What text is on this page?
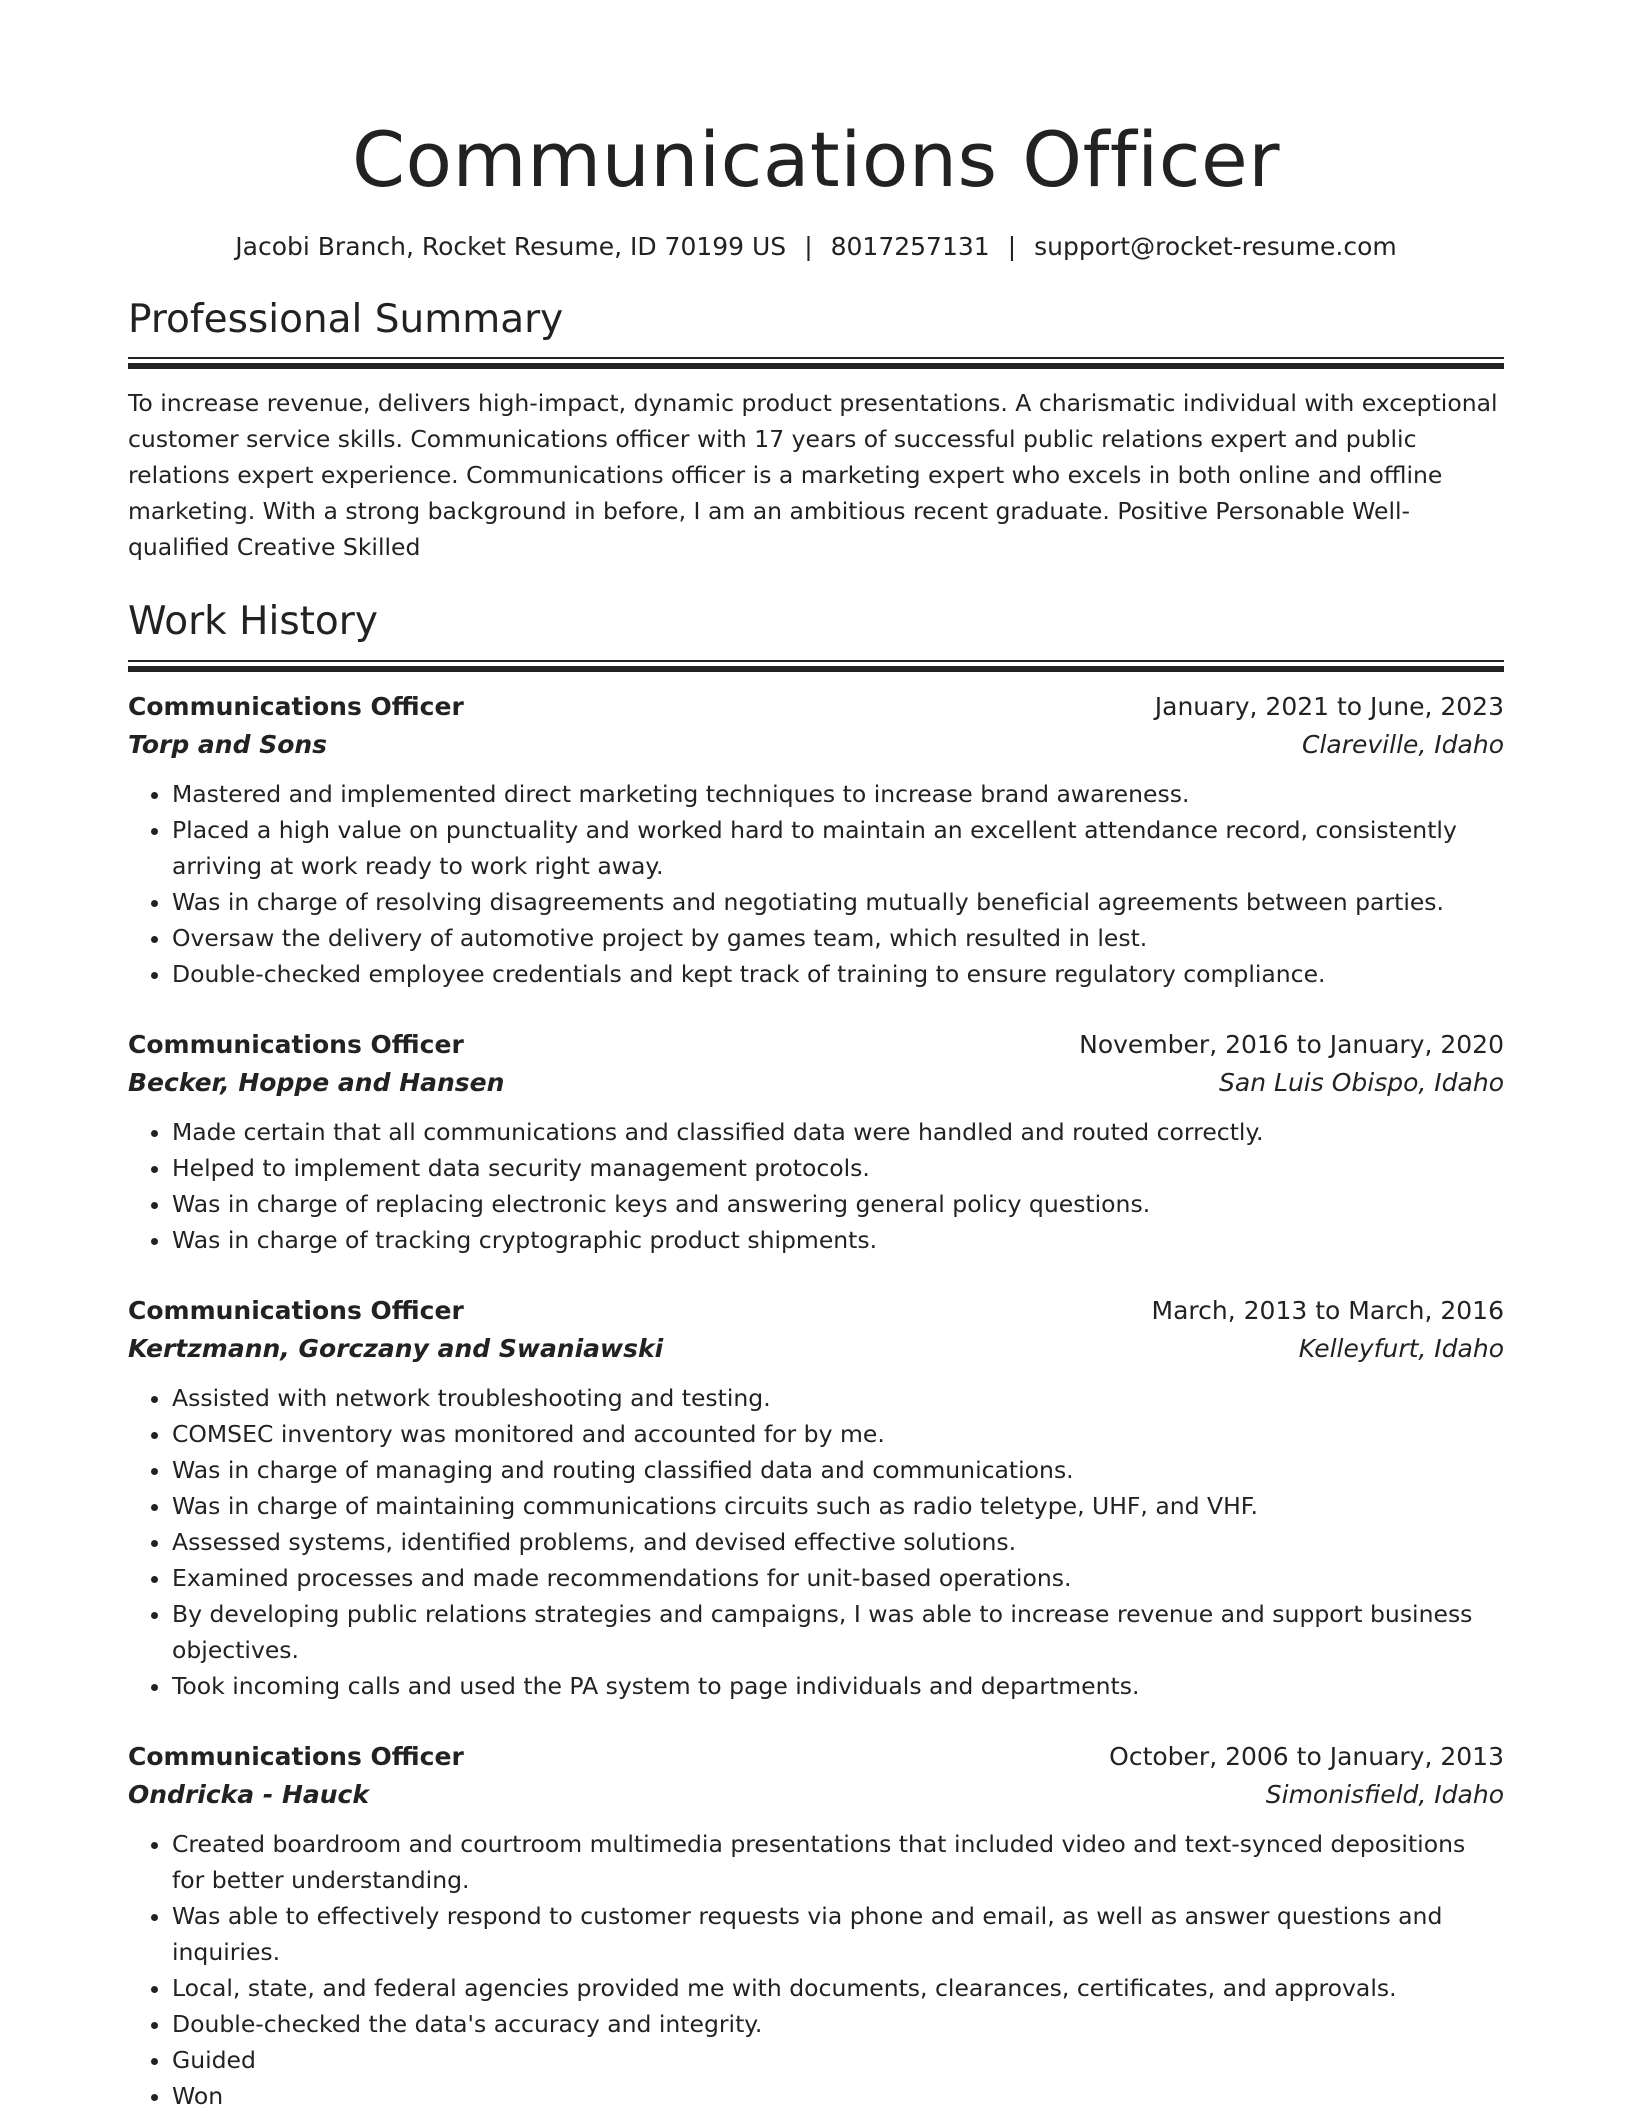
Communications Officer
Jacobi Branch, Rocket Resume, ID 70199 US | 8017257131 | support@rocket-resume.com
Professional Summary

To increase revenue, delivers high-impact, dynamic product presentations. A charismatic individual with exceptional customer service skills. Communications officer with 17 years of successful public relations expert and public relations expert experience. Communications officer is a marketing expert who excels in both online and offline marketing. With a strong background in before, I am an ambitious recent graduate. Positive Personable Well-qualified Creative Skilled

Work History
Communications Officer	January, 2021 to June, 2023
Torp and Sons	Clareville, Idaho
• Mastered and implemented direct marketing techniques to increase brand awareness.
• Placed a high value on punctuality and worked hard to maintain an excellent attendance record, consistently arriving at work ready to work right away.
• Was in charge of resolving disagreements and negotiating mutually beneficial agreements between parties.
• Oversaw the delivery of automotive project by games team, which resulted in lest.
• Double-checked employee credentials and kept track of training to ensure regulatory compliance.
Communications Officer	November, 2016 to January, 2020
Becker, Hoppe and Hansen	San Luis Obispo, Idaho
• Made certain that all communications and classified data were handled and routed correctly.
• Helped to implement data security management protocols.
• Was in charge of replacing electronic keys and answering general policy questions.
• Was in charge of tracking cryptographic product shipments.
Communications Officer	March, 2013 to March, 2016
Kertzmann, Gorczany and Swaniawski	Kelleyfurt, Idaho
• Assisted with network troubleshooting and testing.
• COMSEC inventory was monitored and accounted for by me.
• Was in charge of managing and routing classified data and communications.
• Was in charge of maintaining communications circuits such as radio teletype, UHF, and VHF.
• Assessed systems, identified problems, and devised effective solutions.
• Examined processes and made recommendations for unit-based operations.
• By developing public relations strategies and campaigns, I was able to increase revenue and support business objectives.
• Took incoming calls and used the PA system to page individuals and departments.
Communications Officer	October, 2006 to January, 2013
Ondricka - Hauck	Simonisfield, Idaho
• Created boardroom and courtroom multimedia presentations that included video and text-synced depositions for better understanding.
• Was able to effectively respond to customer requests via phone and email, as well as answer questions and inquiries.
• Local, state, and federal agencies provided me with documents, clearances, certificates, and approvals.
• Double-checked the data's accuracy and integrity.
• Guided
• Won
